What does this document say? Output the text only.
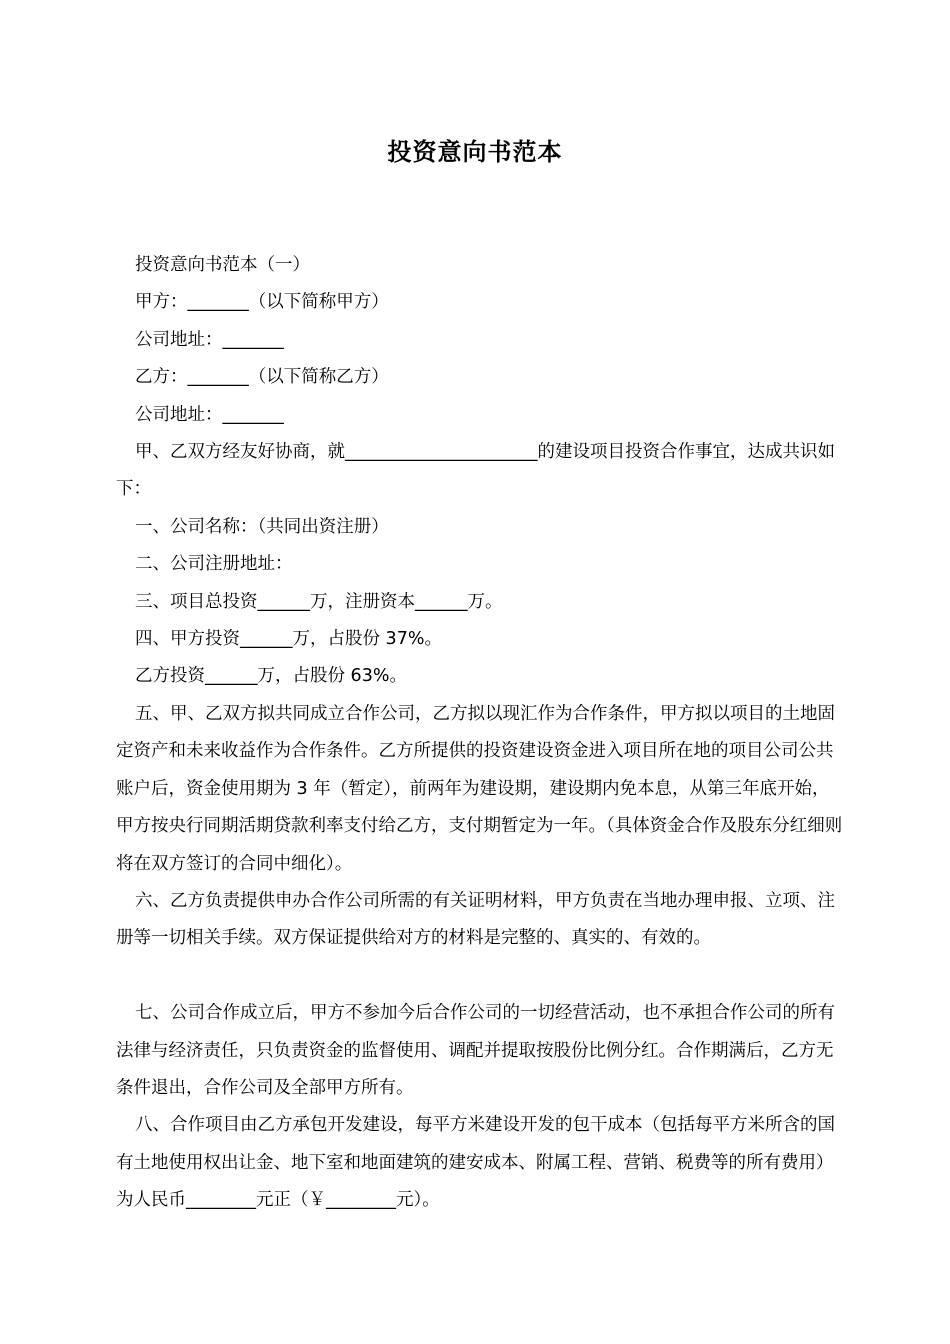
投资意向书范本

投资意向书范本（一）

甲方：_______（以下简称甲方）

公司地址：_______

乙方：_______（以下简称乙方）

公司地址：_______

甲、乙双方经友好协商，就______________________的建设项目投资合作事宜，达成共识如下：

一、公司名称：（共同出资注册）

二、公司注册地址：

三、项目总投资______万，注册资本______万。

四、甲方投资______万，占股份 37%。

乙方投资______万，占股份 63%。

五、甲、乙双方拟共同成立合作公司，乙方拟以现汇作为合作条件，甲方拟以项目的土地固定资产和未来收益作为合作条件。乙方所提供的投资建设资金进入项目所在地的项目公司公共账户后，资金使用期为 3 年（暂定），前两年为建设期，建设期内免本息，从第三年底开始，甲方按央行同期活期贷款利率支付给乙方，支付期暂定为一年。（具体资金合作及股东分红细则将在双方签订的合同中细化）。

六、乙方负责提供申办合作公司所需的有关证明材料，甲方负责在当地办理申报、立项、注册等一切相关手续。双方保证提供给对方的材料是完整的、真实的、有效的。

七、公司合作成立后，甲方不参加今后合作公司的一切经营活动，也不承担合作公司的所有法律与经济责任，只负责资金的监督使用、调配并提取按股份比例分红。合作期满后，乙方无条件退出，合作公司及全部甲方所有。

八、合作项目由乙方承包开发建设，每平方米建设开发的包干成本（包括每平方米所含的国有土地使用权出让金、地下室和地面建筑的建安成本、附属工程、营销、税费等的所有费用）为人民币________元正（￥________元）。
